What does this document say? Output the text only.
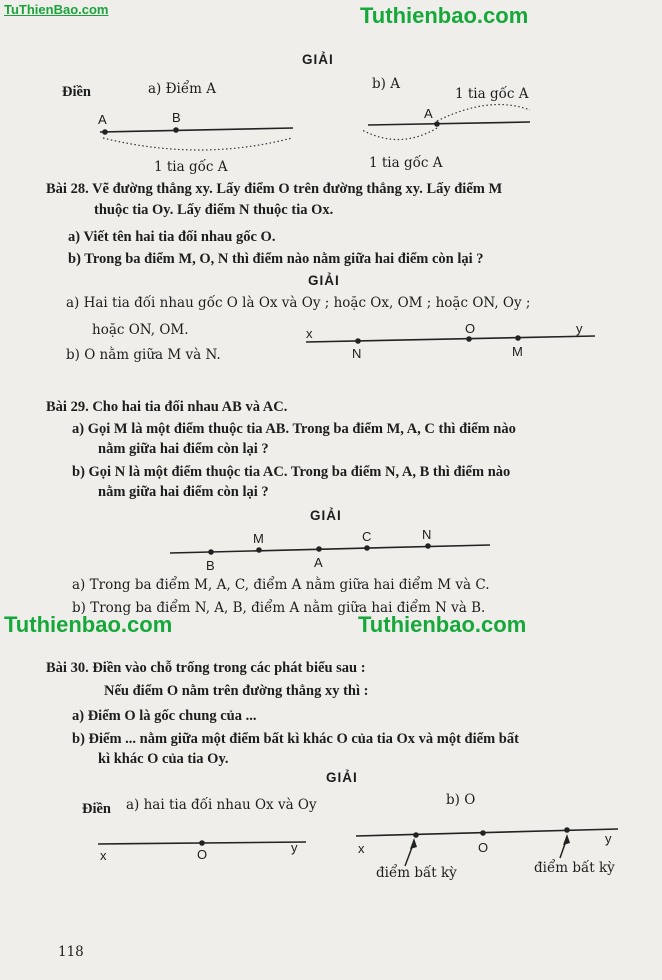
TuThienBao.com	Tuthienbao.com
GIẢI
Điền	a) Điểm A	b) A
A	B
1 tia gốc A
A
1 tia gốc A
1 tia gốc A
Bài 28. Vẽ đường thẳng xy. Lấy điểm O trên đường thẳng xy. Lấy điểm M
thuộc tia Oy. Lấy điểm N thuộc tia Ox.
a) Viết tên hai tia đối nhau gốc O.
b) Trong ba điểm M, O, N thì điểm nào nằm giữa hai điểm còn lại ?
GIẢI
a) Hai tia đối nhau gốc O là Ox và Oy ; hoặc Ox, OM ; hoặc ON, Oy ;
hoặc ON, OM.
b) O nằm giữa M và N.
x	O	y
N	M
Bài 29. Cho hai tia đối nhau AB và AC.
a) Gọi M là một điểm thuộc tia AB. Trong ba điểm M, A, C thì điểm nào
nằm giữa hai điểm còn lại ?
b) Gọi N là một điểm thuộc tia AC. Trong ba điểm N, A, B thì điểm nào
nằm giữa hai điểm còn lại ?
GIẢI
B
M
A
C	N
a) Trong ba điểm M, A, C, điểm A nằm giữa hai điểm M và C.
b) Trong ba điểm N, A, B, điểm A nằm giữa hai điểm N và B.
Tuthienbao.com	Tuthienbao.com
Bài 30. Điền vào chỗ trống trong các phát biểu sau :
Nếu điểm O nằm trên đường thẳng xy thì :
a) Điểm O là gốc chung của ...
b) Điểm ... nằm giữa một điểm bất kì khác O của tia Ox và một điểm bất
kì khác O của tia Oy.
GIẢI
Điền a) hai tia đối nhau Ox và Oy	b) O
x	O	y	x	O
y
điểm bất kỳ	điểm bất kỳ
118
